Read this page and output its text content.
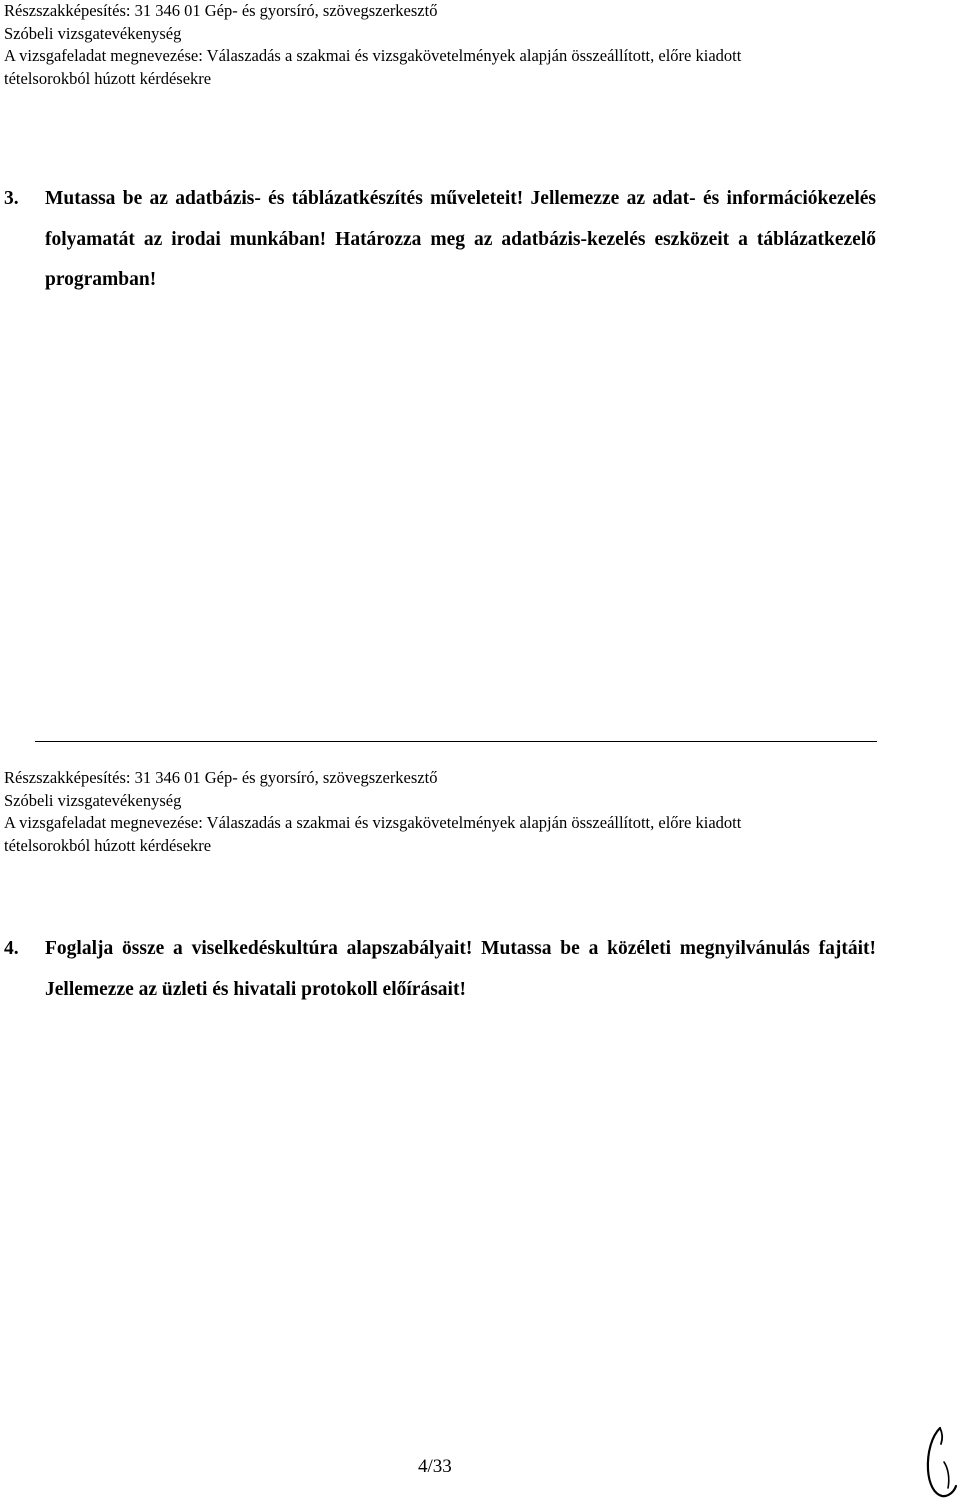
Részszakképesítés: 31 346 01 Gép- és gyorsíró, szövegszerkesztő
Szóbeli vizsgatevékenység
A vizsgafeladat megnevezése: Válaszadás a szakmai és vizsgakövetelmények alapján összeállított, előre kiadott
tételsorokból húzott kérdésekre
3. Mutassa be az adatbázis- és táblázatkészítés műveleteit! Jellemezze az adat- és információkezelés folyamatát az irodai munkában! Határozza meg az adatbázis-kezelés eszközeit a táblázatkezelő programban!
Részszakképesítés: 31 346 01 Gép- és gyorsíró, szövegszerkesztő
Szóbeli vizsgatevékenység
A vizsgafeladat megnevezése: Válaszadás a szakmai és vizsgakövetelmények alapján összeállított, előre kiadott
tételsorokból húzott kérdésekre
4. Foglalja össze a viselkedéskultúra alapszabályait! Mutassa be a közéleti megnyilvánulás fajtáit! Jellemezze az üzleti és hivatali protokoll előírásait!
4/33
